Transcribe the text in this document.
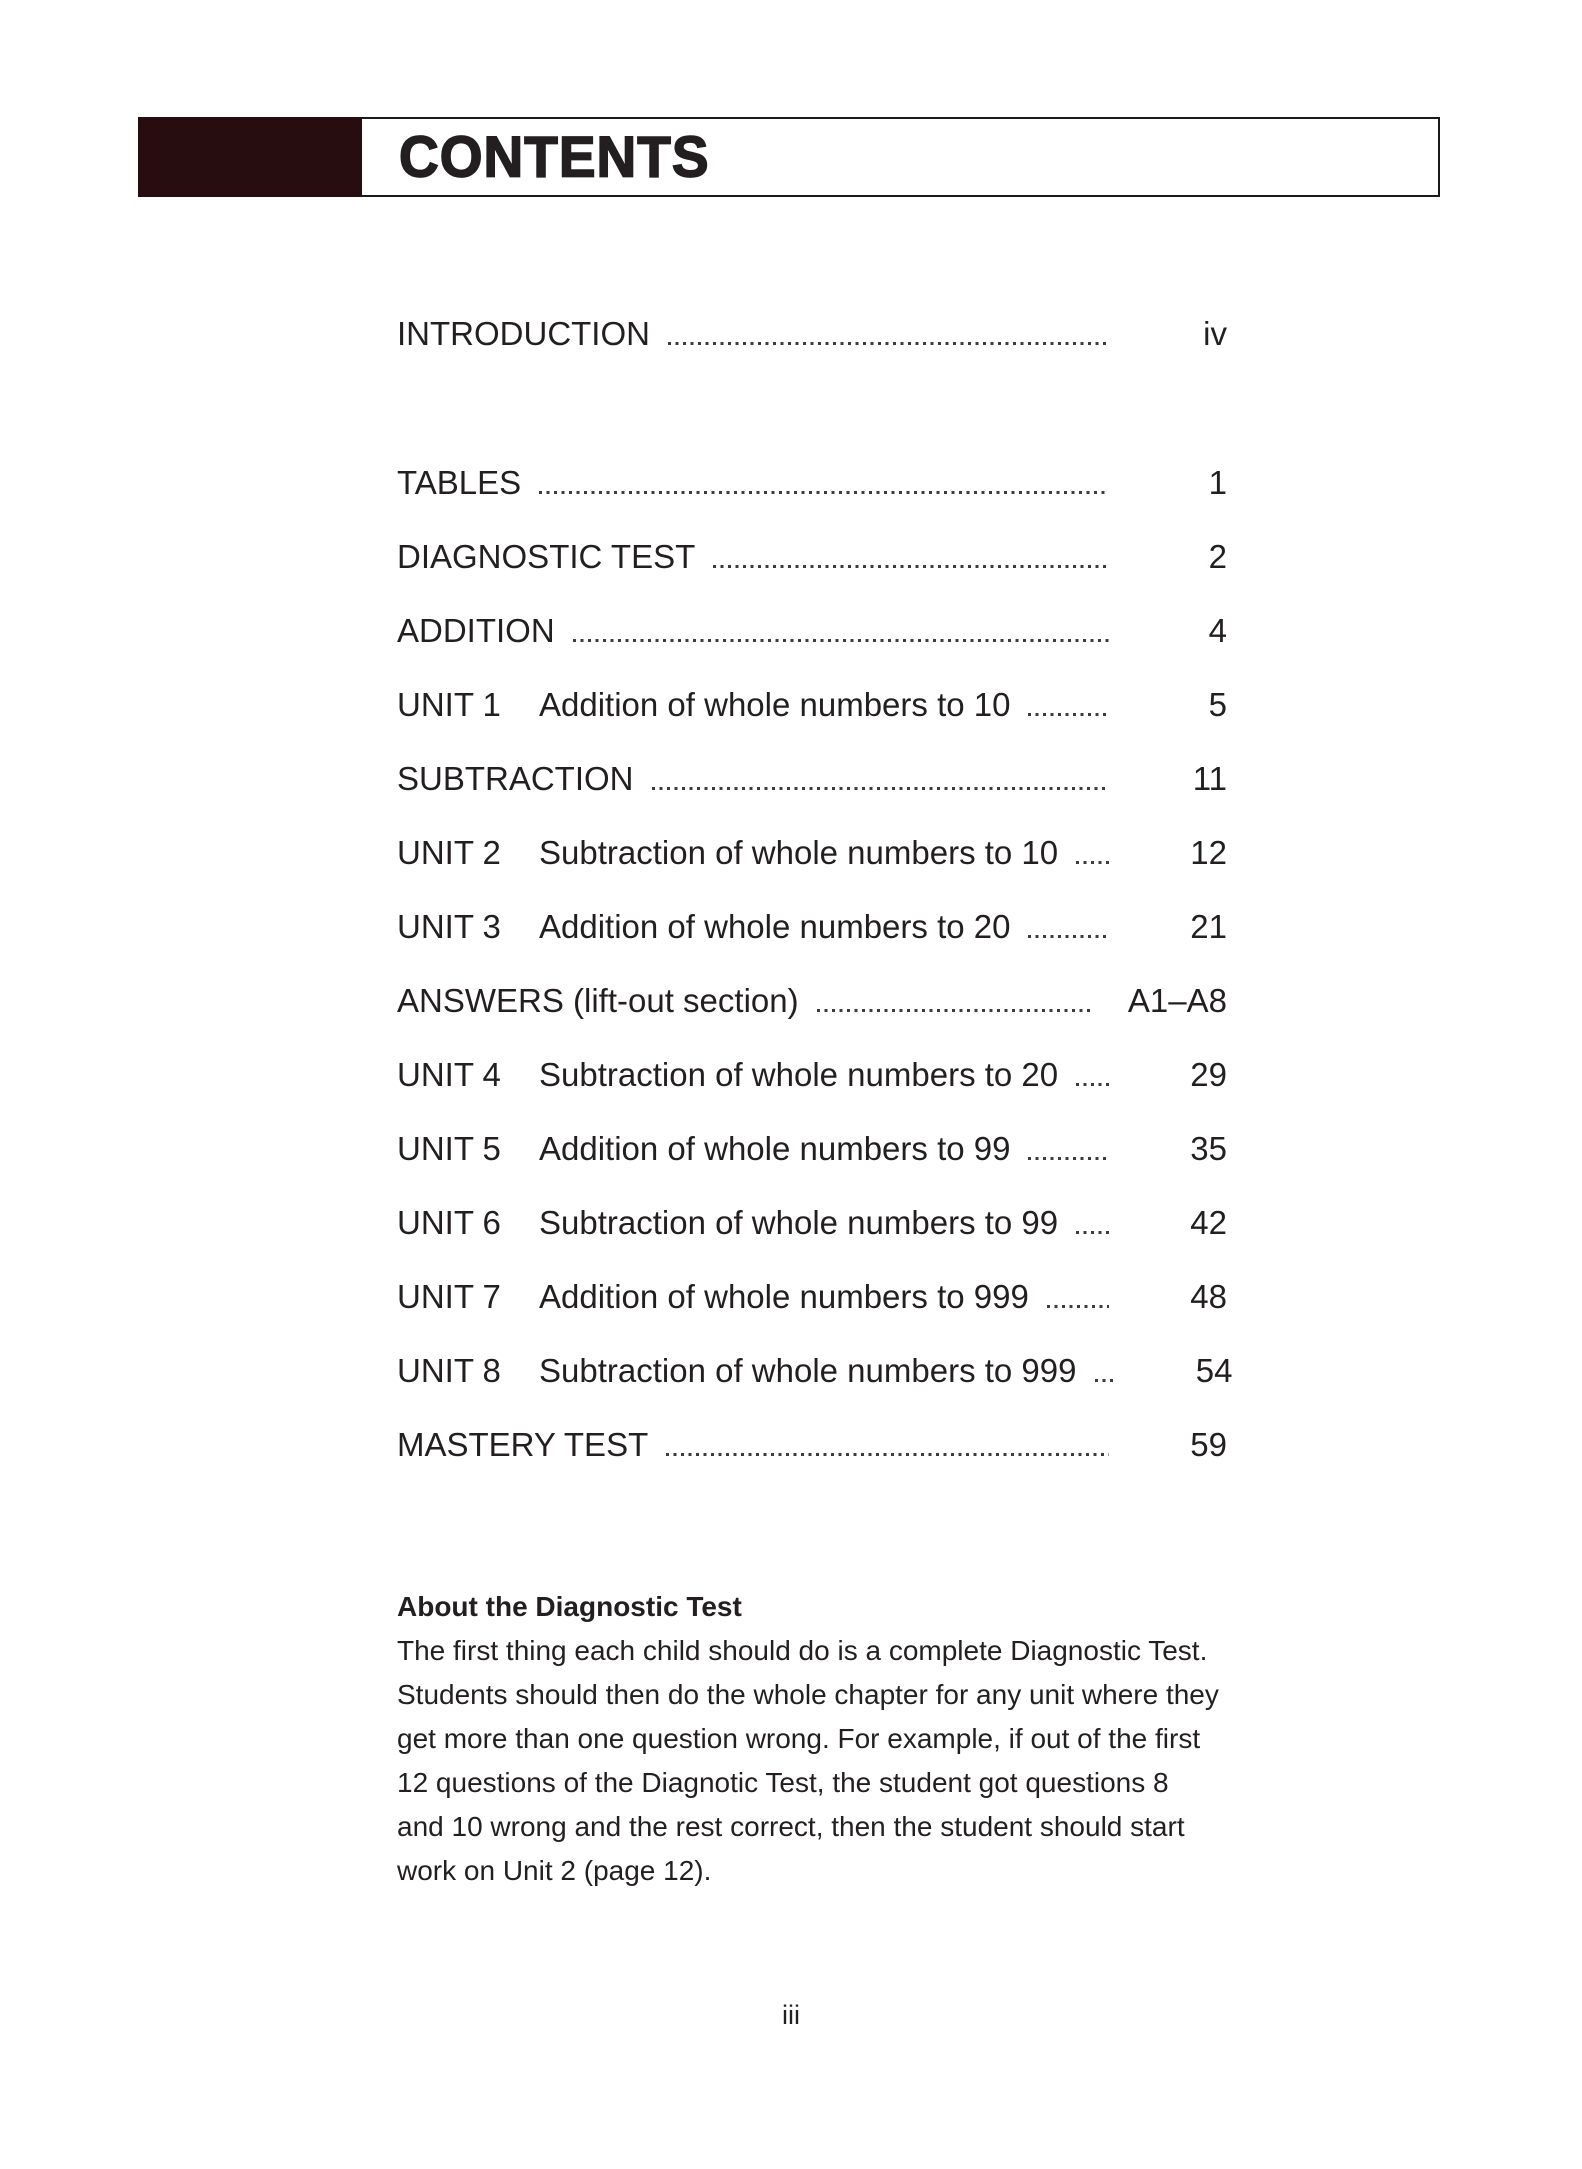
CONTENTS
INTRODUCTION	iv
TABLES	1
DIAGNOSTIC TEST	2
ADDITION	4
UNIT 1	Addition of whole numbers to 10	5
SUBTRACTION	11
UNIT 2	Subtraction of whole numbers to 10	12
UNIT 3	Addition of whole numbers to 20	21
ANSWERS (lift-out section)	A1–A8
UNIT 4	Subtraction of whole numbers to 20	29
UNIT 5	Addition of whole numbers to 99	35
UNIT 6	Subtraction of whole numbers to 99	42
UNIT 7	Addition of whole numbers to 999	48
UNIT 8	Subtraction of whole numbers to 999	54
MASTERY TEST	59
About the Diagnostic Test
The first thing each child should do is a complete Diagnostic Test.
Students should then do the whole chapter for any unit where they
get more than one question wrong. For example, if out of the first
12 questions of the Diagnotic Test, the student got questions 8
and 10 wrong and the rest correct, then the student should start
work on Unit 2 (page 12).
iii
